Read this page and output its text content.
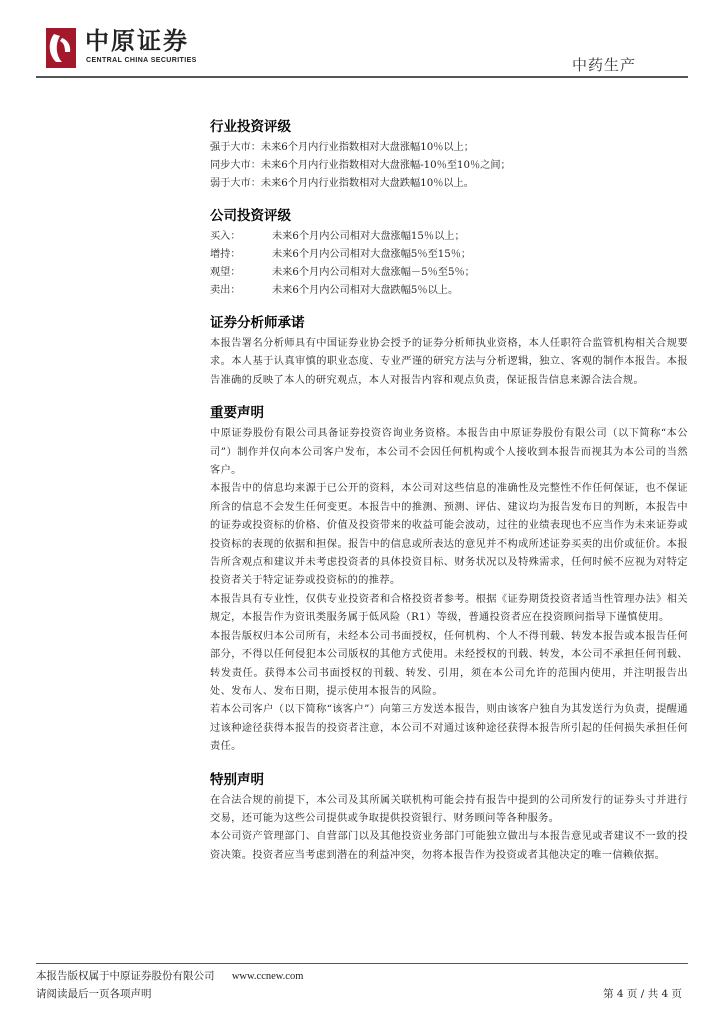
中原证券
CENTRAL CHINA SECURITIES	中药生产
行业投资评级
强于大市：未来6个月内行业指数相对大盘涨幅10％以上；
同步大市：未来6个月内行业指数相对大盘涨幅-10％至10％之间；
弱于大市：未来6个月内行业指数相对大盘跌幅10％以上。
公司投资评级
买入：	未来6个月内公司相对大盘涨幅15％以上；
增持：	未来6个月内公司相对大盘涨幅5％至15％；
观望：	未来6个月内公司相对大盘涨幅－5％至5％；
卖出：	未来6个月内公司相对大盘跌幅5％以上。
证券分析师承诺

本报告署名分析师具有中国证券业协会授予的证券分析师执业资格，本人任职符合监管机构相关合规要求。本人基于认真审慎的职业态度、专业严谨的研究方法与分析逻辑，独立、客观的制作本报告。本报告准确的反映了本人的研究观点，本人对报告内容和观点负责，保证报告信息来源合法合规。

重要声明

中原证券股份有限公司具备证券投资咨询业务资格。本报告由中原证券股份有限公司（以下简称“本公司”）制作并仅向本公司客户发布，本公司不会因任何机构或个人接收到本报告而视其为本公司的当然客户。

本报告中的信息均来源于已公开的资料，本公司对这些信息的准确性及完整性不作任何保证，也不保证所含的信息不会发生任何变更。本报告中的推测、预测、评估、建议均为报告发布日的判断，本报告中的证券或投资标的价格、价值及投资带来的收益可能会波动，过往的业绩表现也不应当作为未来证券或投资标的表现的依据和担保。报告中的信息或所表达的意见并不构成所述证券买卖的出价或征价。本报告所含观点和建议并未考虑投资者的具体投资目标、财务状况以及特殊需求，任何时候不应视为对特定投资者关于特定证券或投资标的的推荐。

本报告具有专业性，仅供专业投资者和合格投资者参考。根据《证券期货投资者适当性管理办法》相关规定，本报告作为资讯类服务属于低风险（R1）等级，普通投资者应在投资顾问指导下谨慎使用。

本报告版权归本公司所有，未经本公司书面授权，任何机构、个人不得刊载、转发本报告或本报告任何部分，不得以任何侵犯本公司版权的其他方式使用。未经授权的刊载、转发，本公司不承担任何刊载、转发责任。获得本公司书面授权的刊载、转发、引用，须在本公司允许的范围内使用，并注明报告出处、发布人、发布日期，提示使用本报告的风险。

若本公司客户（以下简称“该客户”）向第三方发送本报告，则由该客户独自为其发送行为负责，提醒通过该种途径获得本报告的投资者注意，本公司不对通过该种途径获得本报告所引起的任何损失承担任何责任。

特别声明

在合法合规的前提下，本公司及其所属关联机构可能会持有报告中提到的公司所发行的证券头寸并进行交易，还可能为这些公司提供或争取提供投资银行、财务顾问等各种服务。

本公司资产管理部门、自营部门以及其他投资业务部门可能独立做出与本报告意见或者建议不一致的投资决策。投资者应当考虑到潜在的利益冲突，勿将本报告作为投资或者其他决定的唯一信赖依据。

本报告版权属于中原证券股份有限公司 www.ccnew.com
请阅读最后一页各项声明	第 4 页 / 共 4 页
